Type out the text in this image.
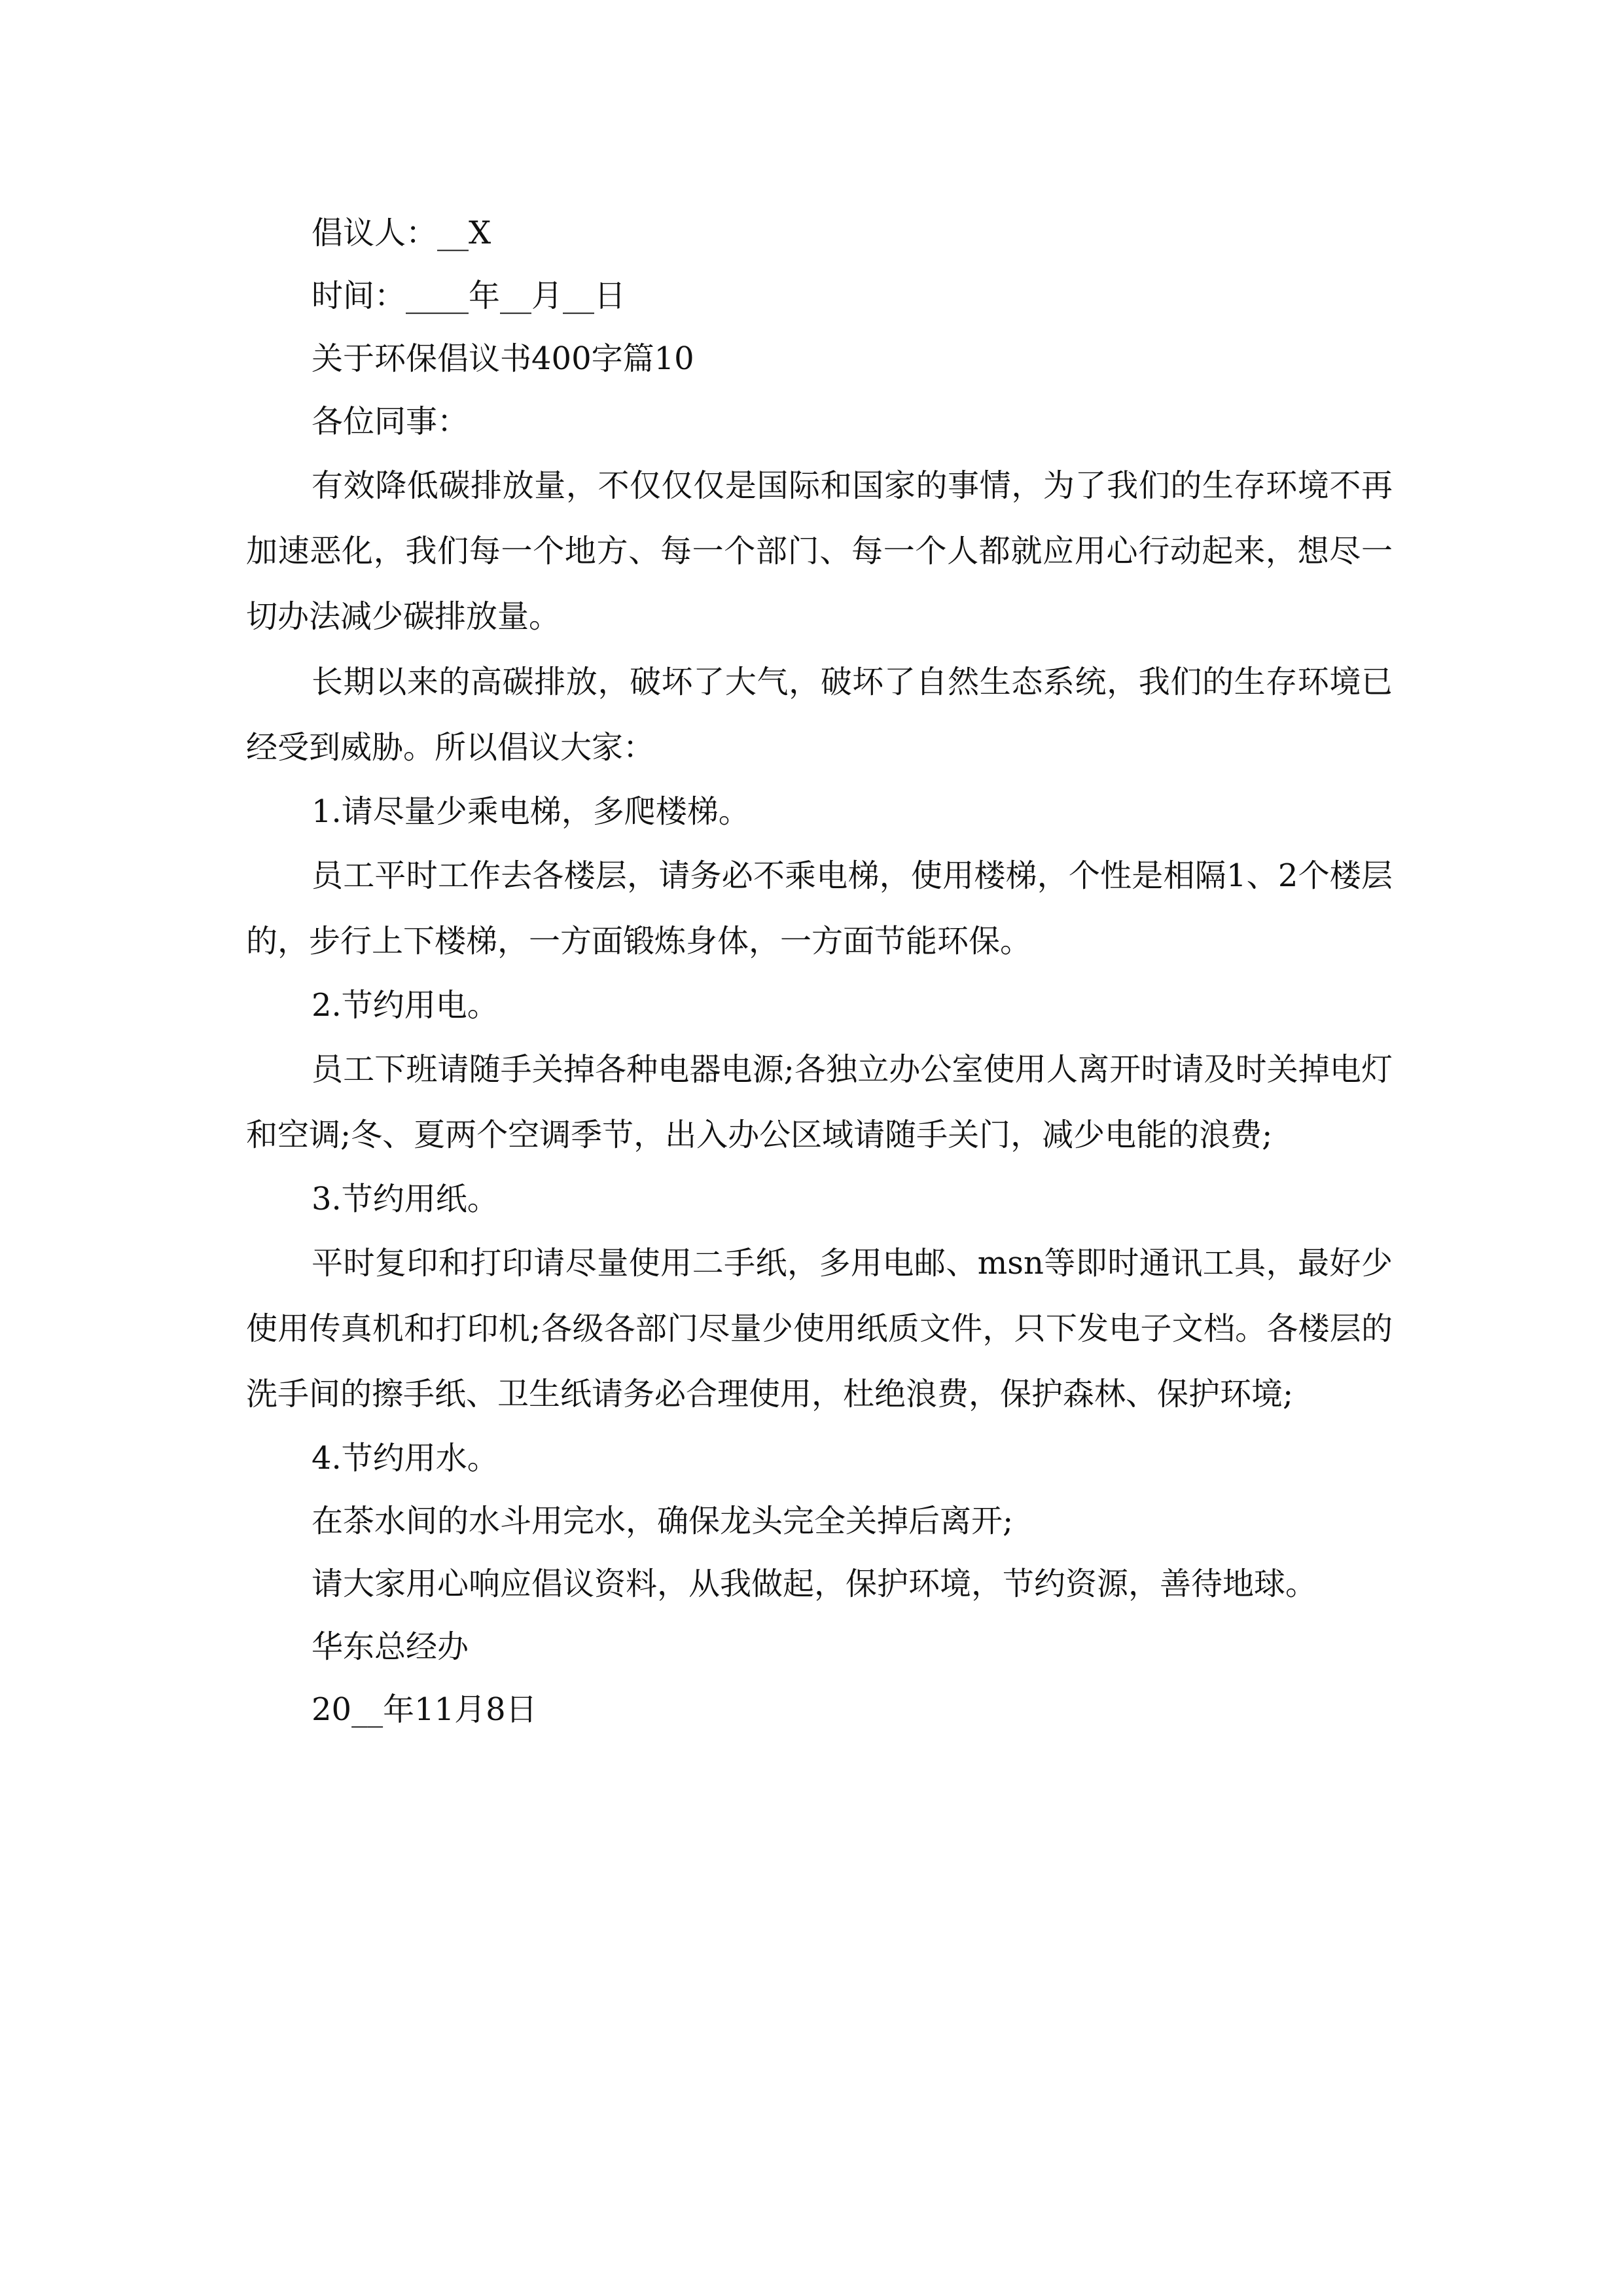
倡议人：__X

时间：____年__月__日

关于环保倡议书400字篇10

各位同事：

有效降低碳排放量，不仅仅仅是国际和国家的事情，为了我们的生存环境不再加速恶化，我们每一个地方、每一个部门、每一个人都就应用心行动起来，想尽一切办法减少碳排放量。

长期以来的高碳排放，破坏了大气，破坏了自然生态系统，我们的生存环境已经受到威胁。所以倡议大家：

1.请尽量少乘电梯，多爬楼梯。

员工平时工作去各楼层，请务必不乘电梯，使用楼梯，个性是相隔1、2个楼层的，步行上下楼梯，一方面锻炼身体，一方面节能环保。

2.节约用电。

员工下班请随手关掉各种电器电源;各独立办公室使用人离开时请及时关掉电灯和空调;冬、夏两个空调季节，出入办公区域请随手关门，减少电能的浪费;

3.节约用纸。

平时复印和打印请尽量使用二手纸，多用电邮、msn等即时通讯工具，最好少使用传真机和打印机;各级各部门尽量少使用纸质文件，只下发电子文档。各楼层的洗手间的擦手纸、卫生纸请务必合理使用，杜绝浪费，保护森林、保护环境;

4.节约用水。

在茶水间的水斗用完水，确保龙头完全关掉后离开;

请大家用心响应倡议资料，从我做起，保护环境，节约资源，善待地球。

华东总经办

20__年11月8日
